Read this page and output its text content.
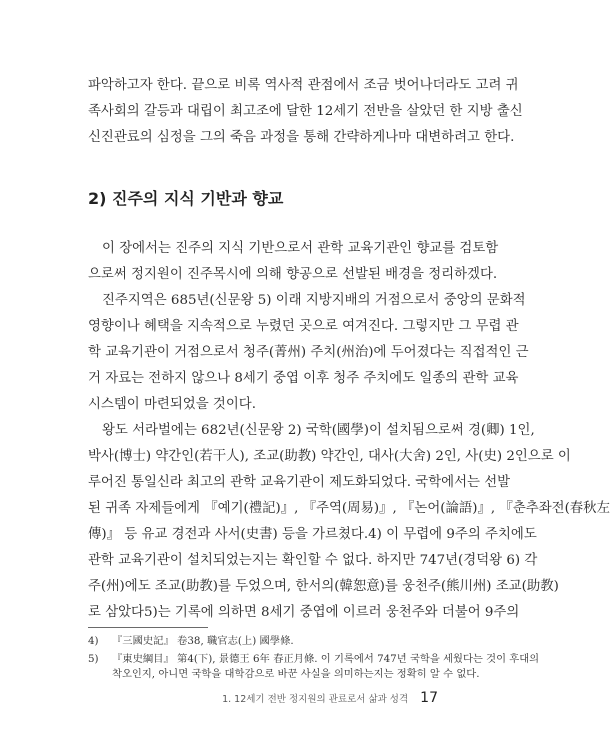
파악하고자 한다. 끝으로 비록 역사적 관점에서 조금 벗어나더라도 고려 귀
족사회의 갈등과 대립이 최고조에 달한 12세기 전반을 살았던 한 지방 출신
신진관료의 심정을 그의 죽음 과정을 통해 간략하게나마 대변하려고 한다.
2) 진주의 지식 기반과 향교
이 장에서는 진주의 지식 기반으로서 관학 교육기관인 향교를 검토함
으로써 정지원이 진주목시에 의해 향공으로 선발된 배경을 정리하겠다.
진주지역은 685년(신문왕 5) 이래 지방지배의 거점으로서 중앙의 문화적
영향이나 혜택을 지속적으로 누렸던 곳으로 여겨진다. 그렇지만 그 무렵 관
학 교육기관이 거점으로서 청주(菁州) 주치(州治)에 두어졌다는 직접적인 근
거 자료는 전하지 않으나 8세기 중엽 이후 청주 주치에도 일종의 관학 교육
시스템이 마련되었을 것이다.
왕도 서라벌에는 682년(신문왕 2) 국학(國學)이 설치됨으로써 경(卿) 1인,
박사(博士) 약간인(若干人), 조교(助教) 약간인, 대사(大舍) 2인, 사(史) 2인으로 이
루어진 통일신라 최고의 관학 교육기관이 제도화되었다. 국학에서는 선발
된 귀족 자제들에게 『예기(禮記)』, 『주역(周易)』, 『논어(論語)』, 『춘추좌전(春秋左
傳)』 등 유교 경전과 사서(史書) 등을 가르쳤다.4) 이 무렵에 9주의 주치에도
관학 교육기관이 설치되었는지는 확인할 수 없다. 하지만 747년(경덕왕 6) 각
주(州)에도 조교(助教)를 두었으며, 한서의(韓恕意)를 웅천주(熊川州) 조교(助教)
로 삼았다5)는 기록에 의하면 8세기 중엽에 이르러 웅천주와 더불어 9주의
4) 『三國史記』 卷38, 職官志(上) 國學條.
5) 『東史綱目』 第4(下), 景德王 6年 春正月條. 이 기록에서 747년 국학을 세웠다는 것이 후대의
착오인지, 아니면 국학을 대학감으로 바꾼 사실을 의미하는지는 정확히 알 수 없다.
1. 12세기 전반 정지원의 관료로서 삶과 성격 17
